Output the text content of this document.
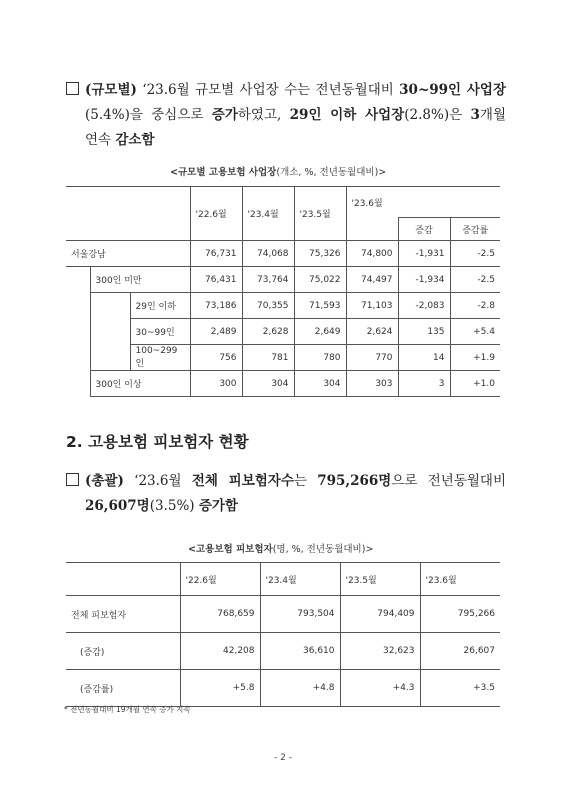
(규모별) ‘23.6월 규모별 사업장 수는 전년동월대비 30~99인 사업장
(5.4%)을 중심으로 증가하였고, 29인 이하 사업장(2.8%)은 3개월
연속 감소함
<규모별 고용보험 사업장(개소, %, 전년동월대비)>
			'22.6월	'23.4월	'23.5월	'23.6월		
							증감	증감률
서울강남			76,731	74,068	75,326	74,800	-1,931	-2.5
	300인 미만		76,431	73,764	75,022	74,497	-1,934	-2.5
		29인 이하	73,186	70,355	71,593	71,103	-2,083	-2.8
		30~99인	2,489	2,628	2,649	2,624	135	+5.4
		100~299인	756	781	780	770	14	+1.9
	300인 이상		300	304	304	303	3	+1.0
2. 고용보험 피보험자 현황
(총괄) ‘23.6월 전체 피보험자수는 795,266명으로 전년동월대비
26,607명(3.5%) 증가함
<고용보험 피보험자(명, %, 전년동월대비)>
	'22.6월	'23.4월	'23.5월	'23.6월
전체 피보험자	768,659	793,504	794,409	795,266
(증감)	42,208	36,610	32,623	26,607
(증감률)	+5.8	+4.8	+4.3	+3.5
* 전년동월대비 19개월 연속 증가 지속
- 2 -
